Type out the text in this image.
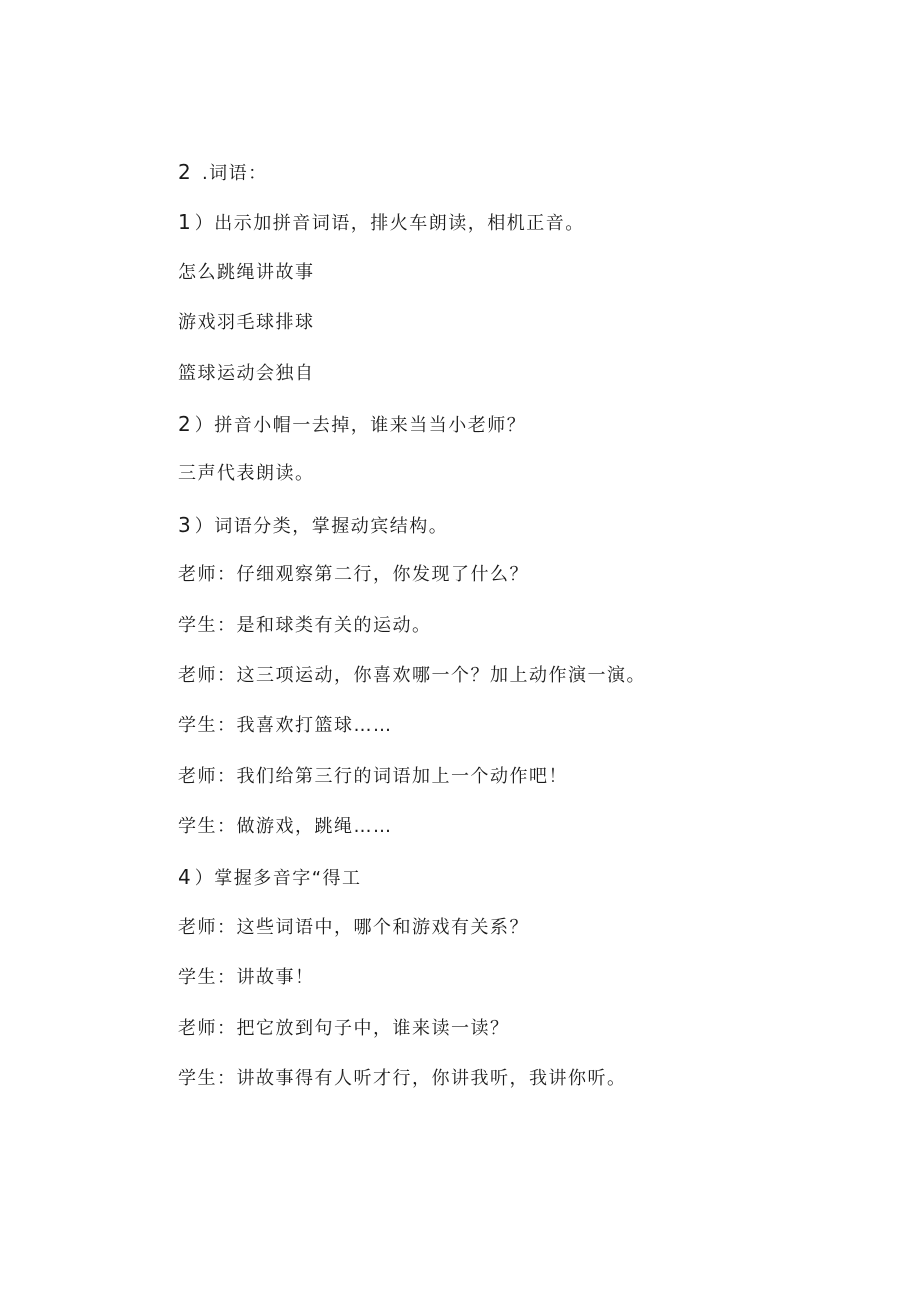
2 .词语：
1 ）出示加拼音词语，排火车朗读，相机正音。
怎么跳绳讲故事
游戏羽毛球排球
篮球运动会独自
2 ）拼音小帽一去掉，谁来当当小老师？
三声代表朗读。
3 ）词语分类，掌握动宾结构。
老师：仔细观察第二行，你发现了什么？
学生：是和球类有关的运动。
老师：这三项运动，你喜欢哪一个？加上动作演一演。
学生：我喜欢打篮球……
老师：我们给第三行的词语加上一个动作吧！
学生：做游戏，跳绳……
4 ）掌握多音字“得工
老师：这些词语中，哪个和游戏有关系？
学生：讲故事！
老师：把它放到句子中，谁来读一读？
学生：讲故事得有人听才行，你讲我听，我讲你听。
